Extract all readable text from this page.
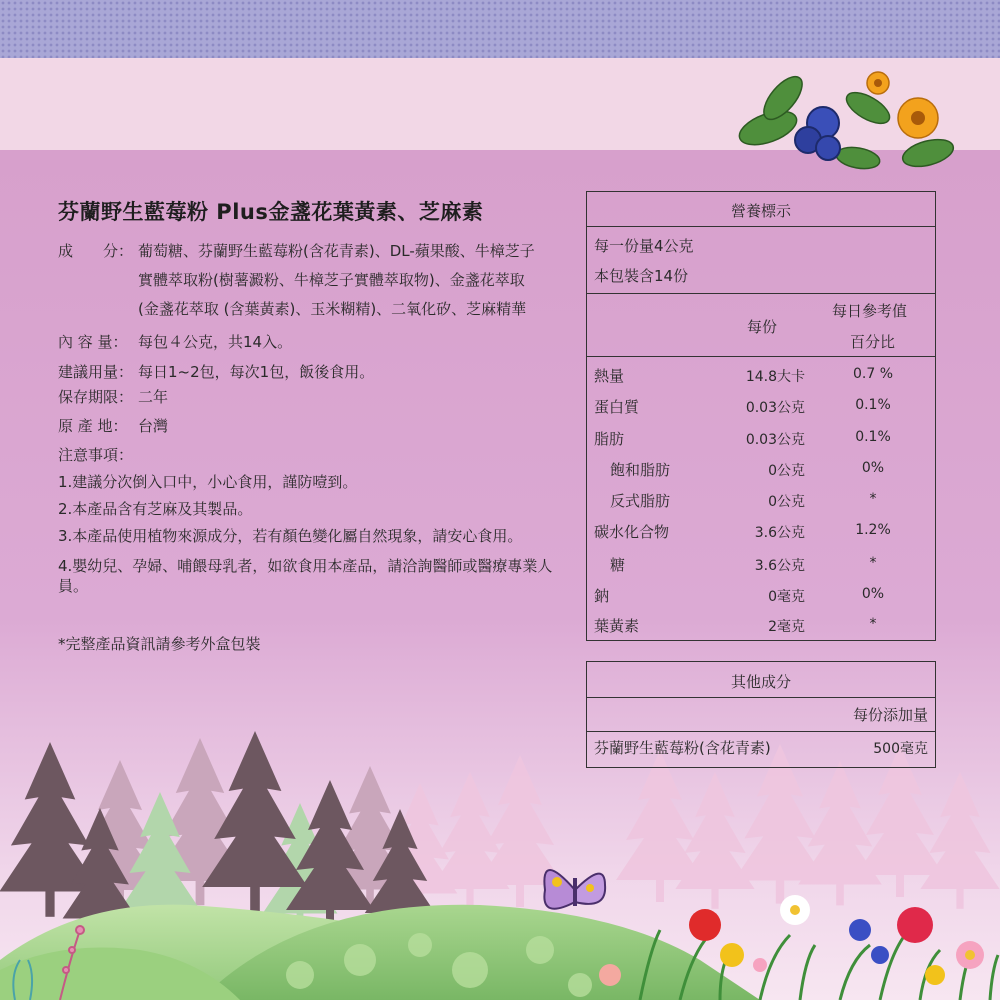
芬蘭野生藍莓粉 Plus金盞花葉黃素、芝麻素
成　　分： 葡萄糖、芬蘭野生藍莓粉(含花青素)、DL-蘋果酸、牛樟芝子
實體萃取粉(樹薯澱粉、牛樟芝子實體萃取物)、金盞花萃取
(金盞花萃取 (含葉黃素)、玉米糊精)、二氧化矽、芝麻精華
內 容 量： 每包４公克，共14入。
建議用量： 每日1~2包，每次1包，飯後食用。
保存期限： 二年
原 產 地： 台灣
注意事項：
1.建議分次倒入口中，小心食用，謹防噎到。
2.本產品含有芝麻及其製品。
3.本產品使用植物來源成分，若有顏色變化屬自然現象，請安心食用。
4.嬰幼兒、孕婦、哺餵母乳者，如欲食用本產品，請洽詢醫師或醫療專業人員。
*完整產品資訊請參考外盒包裝
營養標示
每一份量4公克
本包裝含14份
每份
每日參考值
百分比
熱量	14.8大卡	0.7 %
蛋白質	0.03公克	0.1%
脂肪	0.03公克	0.1%
飽和脂肪	0公克	0%
反式脂肪	0公克	*
碳水化合物	3.6公克	1.2%
糖	3.6公克	*
鈉	0毫克	0%
葉黃素	2毫克	*
其他成分
每份添加量
芬蘭野生藍莓粉(含花青素)	500毫克
